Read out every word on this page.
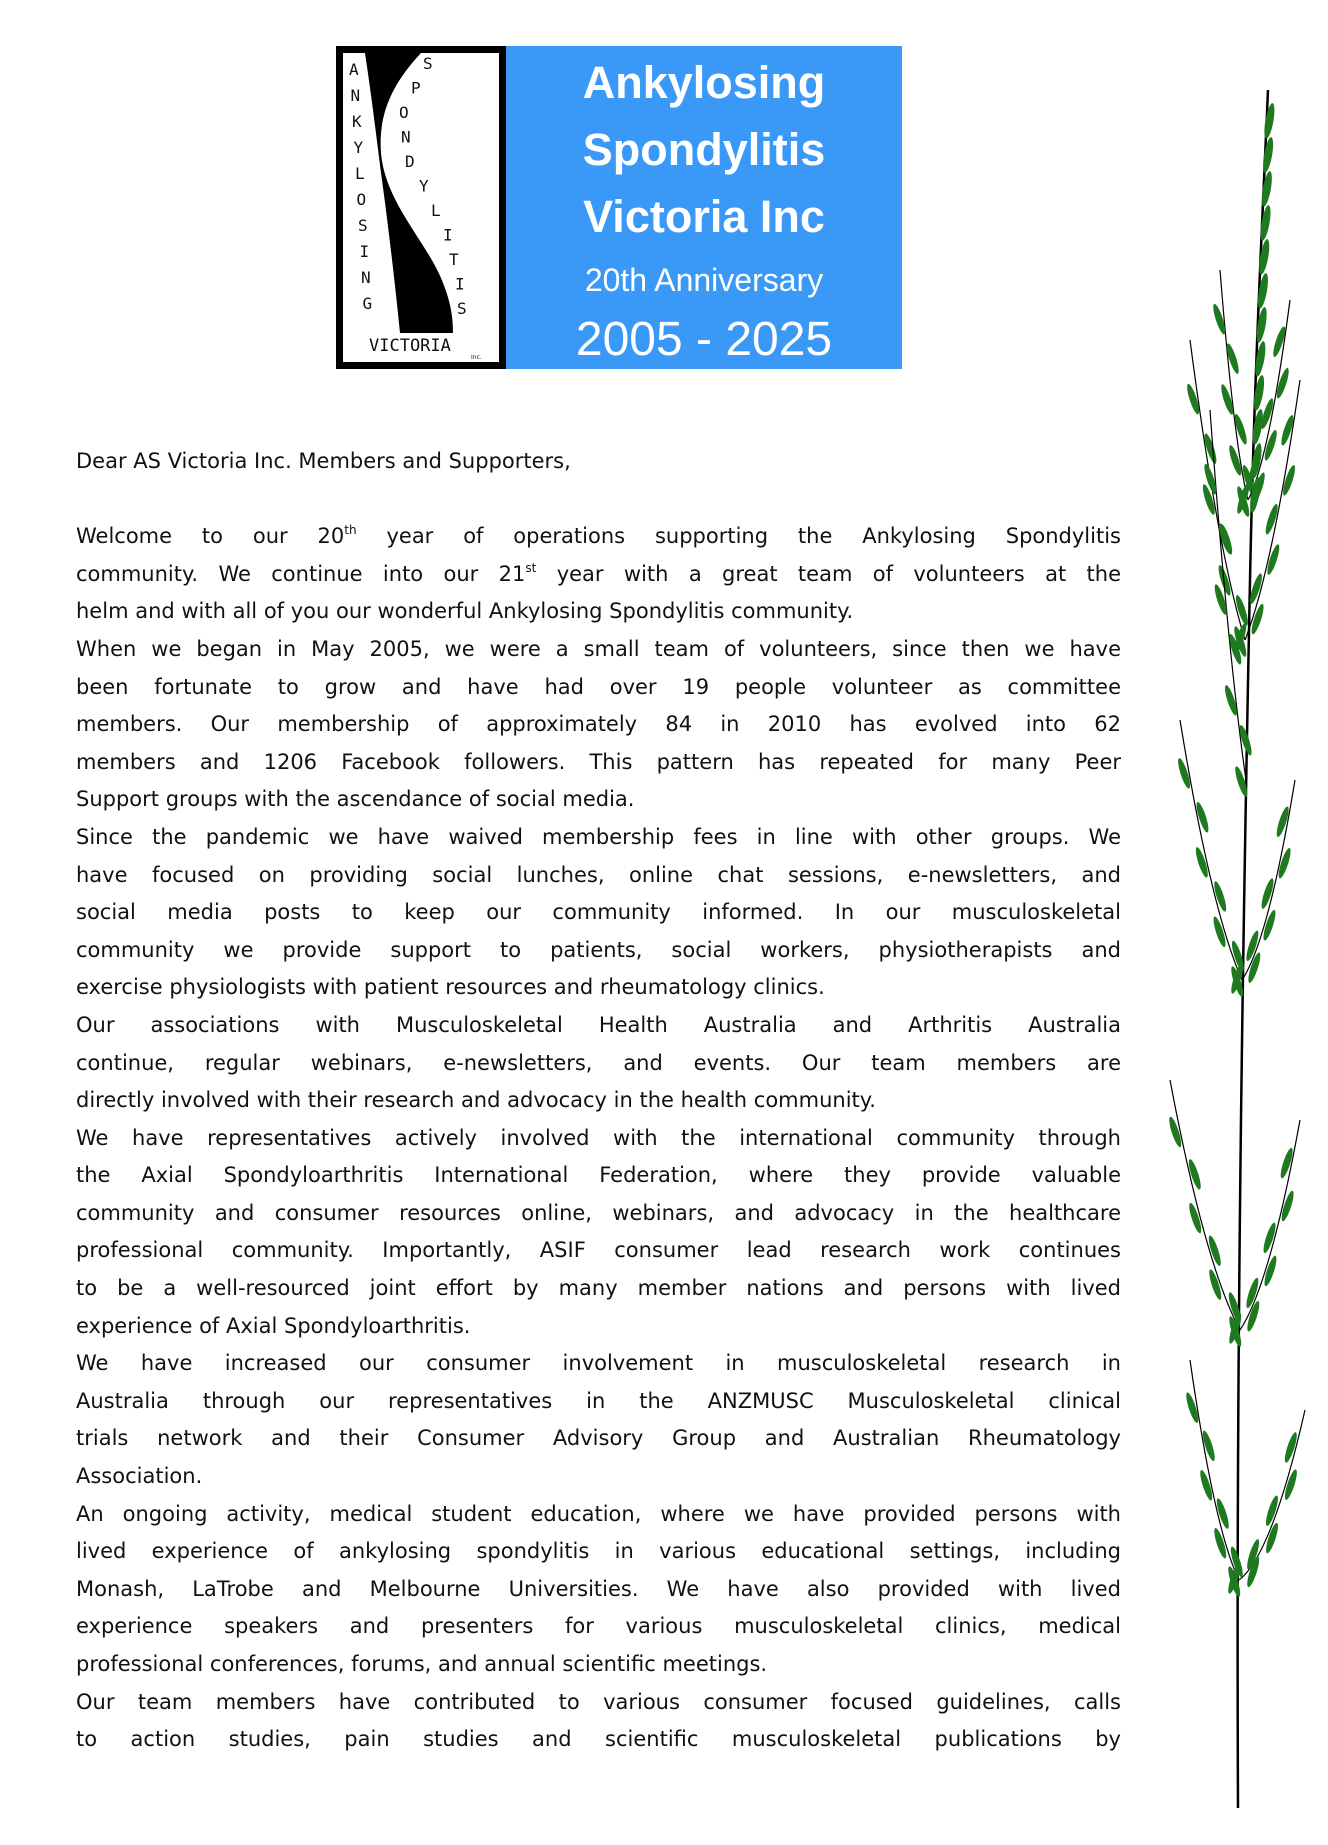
A
N
K
Y
L
O
S
I
N
G
S
P
O
N
D
Y
L
I
T
I
S
VICTORIA
Inc.
Ankylosing
Spondylitis
Victoria Inc
20th Anniversary
2005 - 2025
Dear AS Victoria Inc. Members and Supporters,
Welcome to our 20th year of operations supporting the Ankylosing Spondylitis
community. We continue into our 21st year with a great team of volunteers at the
helm and with all of you our wonderful Ankylosing Spondylitis community.
When we began in May 2005, we were a small team of volunteers, since then we have
been fortunate to grow and have had over 19 people volunteer as committee
members. Our membership of approximately 84 in 2010 has evolved into 62
members and 1206 Facebook followers. This pattern has repeated for many Peer
Support groups with the ascendance of social media.
Since the pandemic we have waived membership fees in line with other groups. We
have focused on providing social lunches, online chat sessions, e-newsletters, and
social media posts to keep our community informed. In our musculoskeletal
community we provide support to patients, social workers, physiotherapists and
exercise physiologists with patient resources and rheumatology clinics.
Our associations with Musculoskeletal Health Australia and Arthritis Australia
continue, regular webinars, e-newsletters, and events. Our team members are
directly involved with their research and advocacy in the health community.
We have representatives actively involved with the international community through
the Axial Spondyloarthritis International Federation, where they provide valuable
community and consumer resources online, webinars, and advocacy in the healthcare
professional community. Importantly, ASIF consumer lead research work continues
to be a well-resourced joint effort by many member nations and persons with lived
experience of Axial Spondyloarthritis.
We have increased our consumer involvement in musculoskeletal research in
Australia through our representatives in the ANZMUSC Musculoskeletal clinical
trials network and their Consumer Advisory Group and Australian Rheumatology
Association.
An ongoing activity, medical student education, where we have provided persons with
lived experience of ankylosing spondylitis in various educational settings, including
Monash, LaTrobe and Melbourne Universities. We have also provided with lived
experience speakers and presenters for various musculoskeletal clinics, medical
professional conferences, forums, and annual scientific meetings.
Our team members have contributed to various consumer focused guidelines, calls
to action studies, pain studies and scientific musculoskeletal publications by
